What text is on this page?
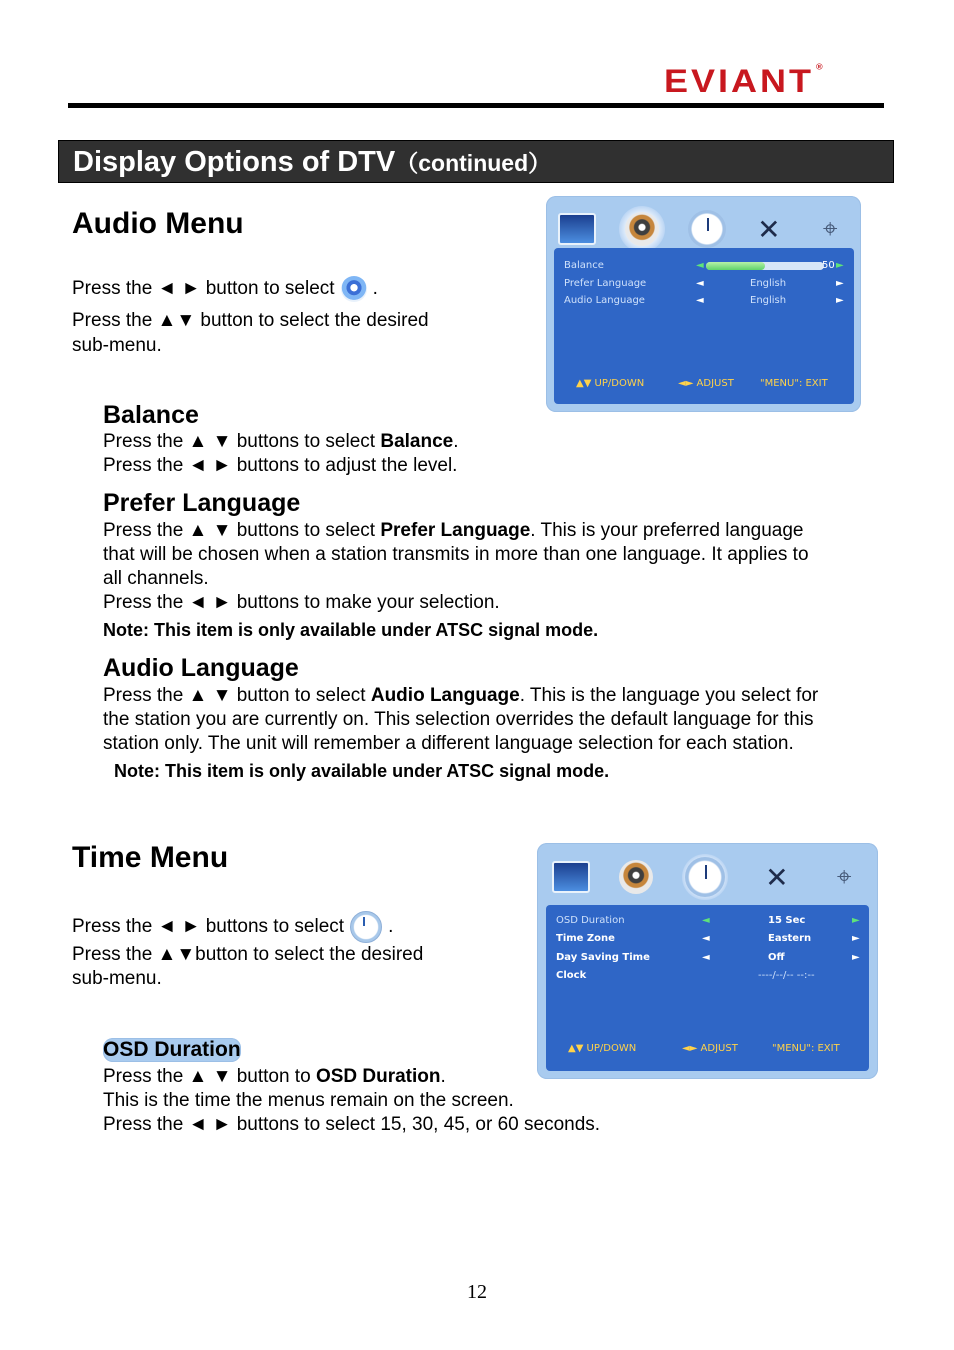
EVIANT ®
Display Options of DTV（continued）
Audio Menu

Press the ◄ ► button to select .

Press the ▲▼ button to select the desired

sub-menu.

✕	⌖
Balance	◄	50 ►
Prefer Language	◄	English	►
Audio Language	◄	English	►
▲▼ UP/DOWN	◄► ADJUST	"MENU": EXIT
Balance

Press the ▲ ▼ buttons to select Balance.

Press the ◄ ► buttons to adjust the level.

Prefer Language

Press the ▲ ▼ buttons to select Prefer Language. This is your preferred language

that will be chosen when a station transmits in more than one language. It applies to

all channels.

Press the ◄ ► buttons to make your selection.

Note: This item is only available under ATSC signal mode.

Audio Language

Press the ▲ ▼ button to select Audio Language. This is the language you select for

the station you are currently on. This selection overrides the default language for this

station only. The unit will remember a different language selection for each station.

Note: This item is only available under ATSC signal mode.

Time Menu

Press the ◄ ► buttons to select .

Press the ▲▼button to select the desired

sub-menu.

✕	⌖
OSD Duration	◄	15 Sec	►
Time Zone	◄	Eastern	►
Day Saving Time	◄	Off	►
Clock	----/--/-- --:--
▲▼ UP/DOWN	◄► ADJUST	"MENU": EXIT
OSD Duration

Press the ▲ ▼ button to OSD Duration.

This is the time the menus remain on the screen.

Press the ◄ ► buttons to select 15, 30, 45, or 60 seconds.

12
